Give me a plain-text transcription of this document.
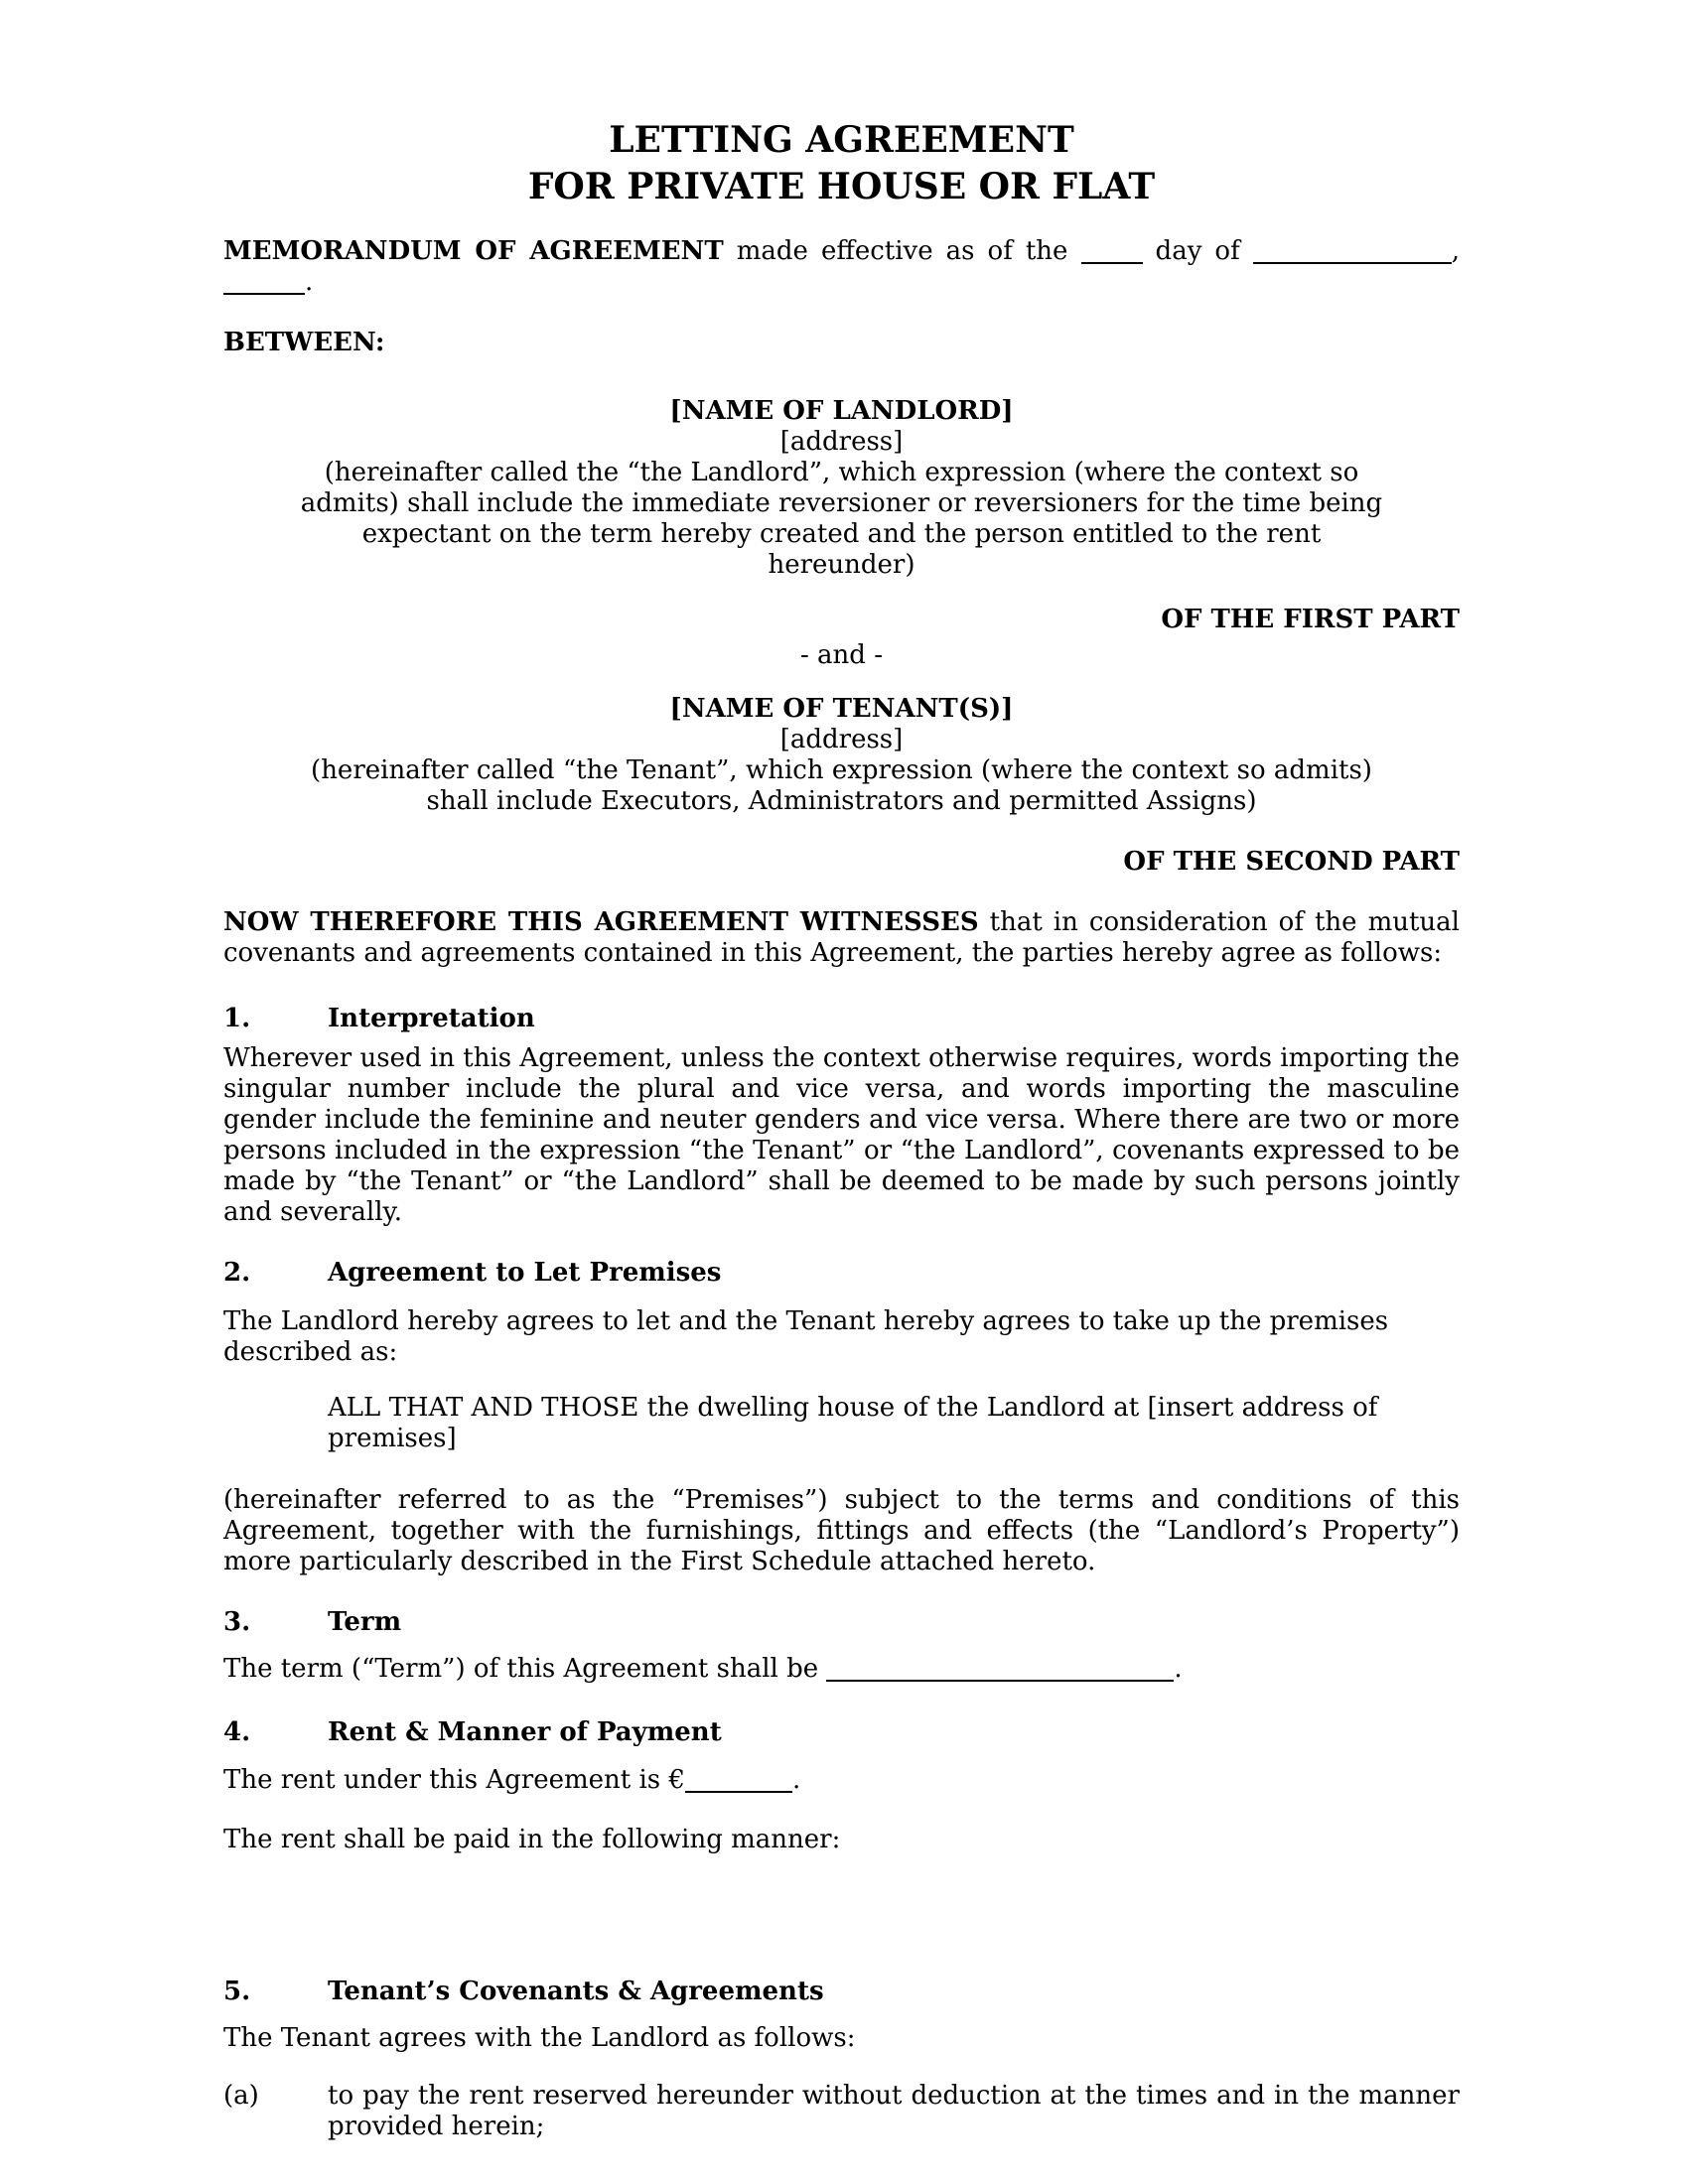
LETTING AGREEMENT
FOR PRIVATE HOUSE OR FLAT

MEMORANDUM OF AGREEMENT made effective as of the	day of	, .

BETWEEN:

[NAME OF LANDLORD]
[address]
(hereinafter called the “the Landlord”, which expression (where the context so
admits) shall include the immediate reversioner or reversioners for the time being
expectant on the term hereby created and the person entitled to the rent
hereunder)

OF THE FIRST PART

- and -

[NAME OF TENANT(S)]
[address]
(hereinafter called “the Tenant”, which expression (where the context so admits)
shall include Executors, Administrators and permitted Assigns)

OF THE SECOND PART

NOW THEREFORE THIS AGREEMENT WITNESSES that in consideration of the mutual covenants and agreements contained in this Agreement, the parties hereby agree as follows:

1.	Interpretation

Wherever used in this Agreement, unless the context otherwise requires, words importing the singular number include the plural and vice versa, and words importing the masculine gender include the feminine and neuter genders and vice versa. Where there are two or more persons included in the expression “the Tenant” or “the Landlord”, covenants expressed to be made by “the Tenant” or “the Landlord” shall be deemed to be made by such persons jointly and severally.

2.	Agreement to Let Premises

The Landlord hereby agrees to let and the Tenant hereby agrees to take up the premises described as:

ALL THAT AND THOSE the dwelling house of the Landlord at [insert address of premises]

(hereinafter referred to as the “Premises”) subject to the terms and conditions of this Agreement, together with the furnishings, fittings and effects (the “Landlord’s Property”) more particularly described in the First Schedule attached hereto.

3.	Term

The term (“Term”) of this Agreement shall be	.

4.	Rent & Manner of Payment

The rent under this Agreement is €	.

The rent shall be paid in the following manner:

5.	Tenant’s Covenants & Agreements

The Tenant agrees with the Landlord as follows:

(a)	to pay the rent reserved hereunder without deduction at the times and in the manner provided herein;
